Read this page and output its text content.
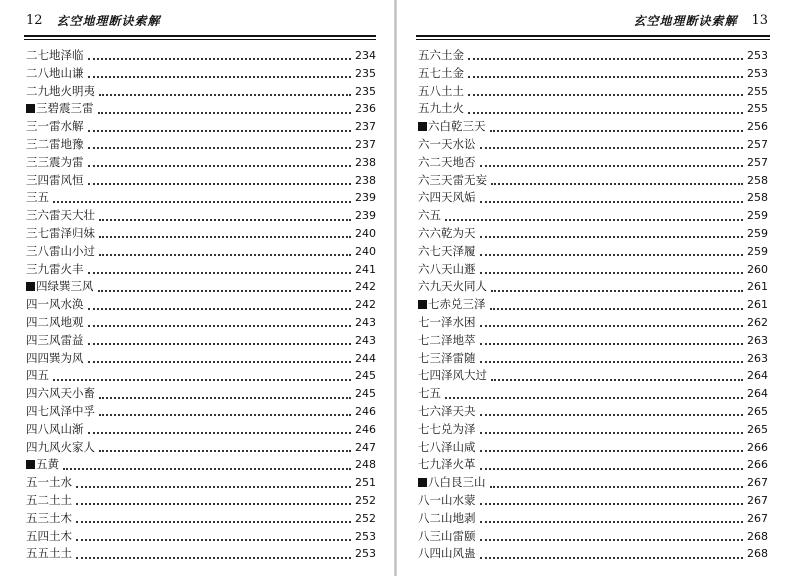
12 玄空地理断诀索解
二七地泽临	234
二八地山谦	235
二九地火明夷	235
三碧震三雷	236
三一雷水解	237
三二雷地豫	237
三三震为雷	238
三四雷风恒	238
三五	239
三六雷天大壮	239
三七雷泽归妹	240
三八雷山小过	240
三九雷火丰	241
四绿巽三风	242
四一风水涣	242
四二风地观	243
四三风雷益	243
四四巽为风	244
四五	245
四六风天小畜	245
四七风泽中孚	246
四八风山渐	246
四九风火家人	247
五黄	248
五一土水	251
五二土土	252
五三土木	252
五四土木	253
五五土土	253
玄空地理断诀索解 13
五六土金	253
五七土金	253
五八土土	255
五九土火	255
六白乾三天	256
六一天水讼	257
六二天地否	257
六三天雷无妄	258
六四天风姤	258
六五	259
六六乾为天	259
六七天泽履	259
六八天山遯	260
六九天火同人	261
七赤兑三泽	261
七一泽水困	262
七二泽地萃	263
七三泽雷随	263
七四泽风大过	264
七五	264
七六泽天夬	265
七七兑为泽	265
七八泽山咸	266
七九泽火革	266
八白艮三山	267
八一山水蒙	267
八二山地剥	267
八三山雷颐	268
八四山风蛊	268
